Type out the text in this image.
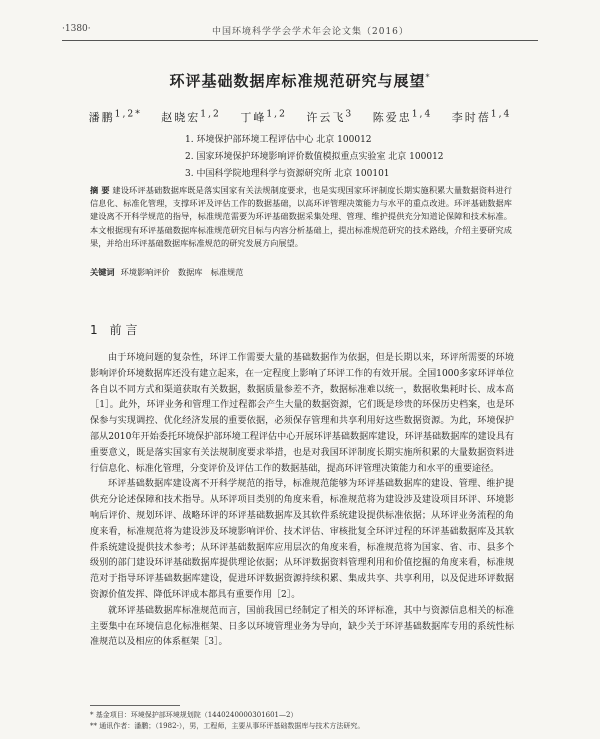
·1380·	中国环境科学学会学术年会论文集（2016）
环评基础数据库标准规范研究与展望*
潘鹏$^{1,2*}$ 赵晓宏$^{1,2}$ 丁峰$^{1,2}$ 许云飞$^3$ 陈爱忠$^{1,4}$ 李时蓓$^{1,4}$
1. 环境保护部环境工程评估中心 北京 100012
2. 国家环境保护环境影响评价数值模拟重点实验室 北京 100012
3. 中国科学院地理科学与资源研究所 北京 100101
摘 要 建设环评基础数据库既是落实国家有关法规制度要求，也是实现国家环评制度长期实施积累大量数据资料进行信息化、标准化管理，支撑环评及评估工作的数据基础，以高环评管理决策能力与水平的重点改进。环评基础数据库建设离不开科学规范的指导，标准规范需要为环评基础数据采集处理、管理、维护提供充分知道论保障和技术标准。本文根据现有环评基础数据库标准规范研究目标与内容分析基础上，提出标准规范研究的技术路线，介绍主要研究成果，并给出环评基础数据库标准规范的研究发展方向展望。
关键词 环境影响评价　数据库　标准规范
1 前 言

由于环境问题的复杂性，环评工作需要大量的基础数据作为依据，但是长期以来，环评所需要的环境影响评价环境数据库还没有建立起来，在一定程度上影响了环评工作的有效开展。全国1000多家环评单位各自以不同方式和渠道获取有关数据，数据质量参差不齐，数据标准难以统一，数据收集耗时长、成本高［1］。此外，环评业务和管理工作过程都会产生大量的数据资源，它们既是珍贵的环保历史档案，也是环保参与实现调控、优化经济发展的重要依据，必须保存管理和共享利用好这些数据资源。为此，环境保护部从2010年开始委托环境保护部环境工程评估中心开展环评基础数据库建设，环评基础数据库的建设具有重要意义，既是落实国家有关法规制度要求举措，也是对我国环评制度长期实施所积累的大量数据资料进行信息化、标准化管理，分变评价及评估工作的数据基础，提高环评管理决策能力和水平的重要途径。

环评基础数据库建设离不开科学规范的指导，标准规范能够为环评基础数据库的建设、管理、维护提供充分论述保障和技术指导。从环评项目类别的角度来看，标准规范将为建设涉及建设项目环评、环境影响后评价、规划环评、战略环评的环评基础数据库及其软件系统建设提供标准依据；从环评业务流程的角度来看，标准规范将为建设涉及环境影响评价、技术评估、审核批复全环评过程的环评基础数据库及其软件系统建设提供技术参考；从环评基础数据库应用层次的角度来看，标准规范将为国家、省、市、县多个级别的部门建设环评基础数据库提供理论依据；从环评数据资料管理利用和价值挖掘的角度来看，标准规范对于指导环评基础数据库建设，促进环评数据资源持续积累、集成共享、共享利用，以及促进环评数据资源价值发挥、降低环评成本都具有重要作用［2］。

就环评基础数据库标准规范而言，国前我国已经制定了相关的环评标准，其中与资源信息相关的标准主要集中在环境信息化标准框架、日多以环境管理业务为导向，缺少关于环评基础数据库专用的系统性标准规范以及相应的体系框架［3］。

* 基金项目：环境保护部环境规划院（1440240000301601—2）
** 通讯作者：潘鹏；（1982-），男，工程师，主要从事环评基础数据库与技术方法研究。
